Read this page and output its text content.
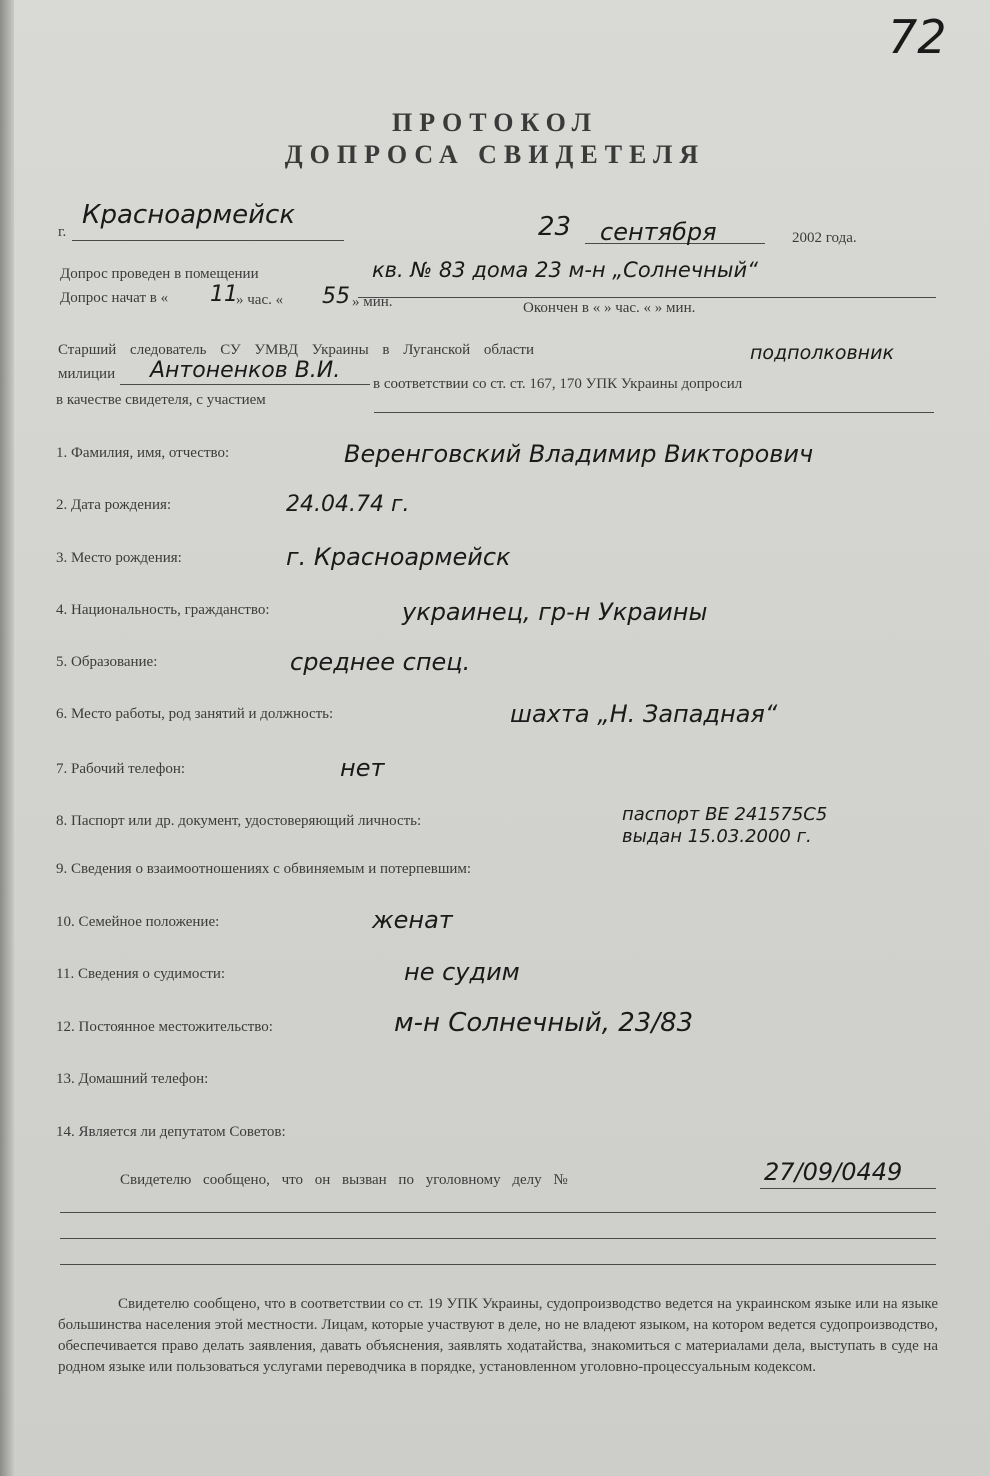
72
ПРОТОКОЛ
ДОПРОСА СВИДЕТЕЛЯ
г.
Красноармейск	23 сентября	2002 года.
Допрос проведен в помещении	кв. № 83 дома 23 м-н „Солнечный“
Допрос начат в « 11
» час. « 55 » мин.	Окончен в « » час. « » мин.
Старший следователь СУ УМВД Украины в Луганской области	подполковник
милиции Антоненков В.И.
в соответствии со ст. ст. 167, 170 УПК Украины допросил
в качестве свидетеля, с участием
1. Фамилия, имя, отчество:	Веренговский Владимир Викторович
2. Дата рождения:	24.04.74 г.
3. Место рождения:	г. Красноармейск
4. Национальность, гражданство:	украинец, гр-н Украины
5. Образование:	среднее спец.
6. Место работы, род занятий и должность:	шахта „Н. Западная“
7. Рабочий телефон:	нет
8. Паспорт или др. документ, удостоверяющий личность:	паспорт ВЕ 241575С5
выдан 15.03.2000 г.
9. Сведения о взаимоотношениях с обвиняемым и потерпевшим:
10. Семейное положение:	женат
11. Сведения о судимости:	не судим
12. Постоянное местожительство:	м-н Солнечный, 23/83
13. Домашний телефон:
14. Является ли депутатом Советов:
Свидетелю сообщено, что он вызван по уголовному делу №	27/09/0449
Свидетелю сообщено, что в соответствии со ст. 19 УПК Украины, судопроизводство ведется на украинском языке или на языке большинства населения этой местности. Лицам, которые участвуют в деле, но не владеют языком, на котором ведется судопроизводство, обеспечивается право делать заявления, давать объяснения, заявлять ходатайства, знакомиться с материалами дела, выступать в суде на родном языке или пользоваться услугами переводчика в порядке, установленном уголовно-процессуальным кодексом.
